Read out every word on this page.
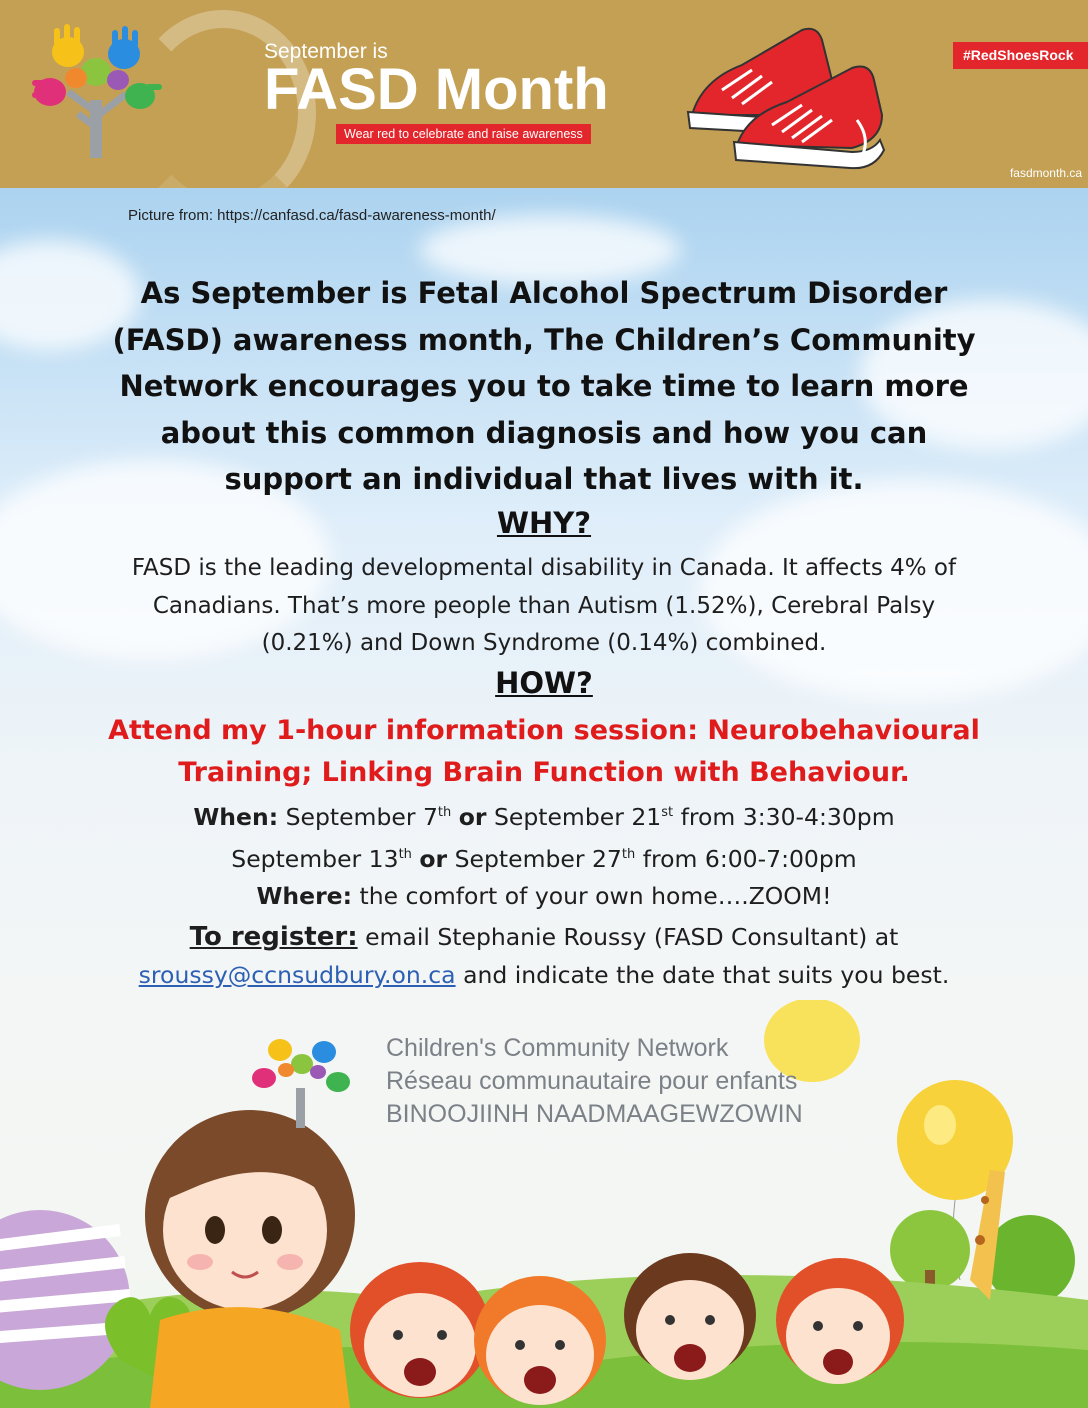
September is
FASD Month
Wear red to celebrate and raise awareness
#RedShoesRock
fasdmonth.ca
Picture from: https://canfasd.ca/fasd-awareness-month/
As September is Fetal Alcohol Spectrum Disorder (FASD) awareness month, The Children’s Community Network encourages you to take time to learn more about this common diagnosis and how you can support an individual that lives with it.
WHY?
FASD is the leading developmental disability in Canada. It affects 4% of
Canadians. That’s more people than Autism (1.52%), Cerebral Palsy
(0.21%) and Down Syndrome (0.14%) combined.
HOW?
Attend my 1-hour information session: Neurobehavioural
Training; Linking Brain Function with Behaviour.
When: September 7th or September 21st from 3:30-4:30pm
September 13th or September 27th from 6:00-7:00pm
Where: the comfort of your own home….ZOOM!
To register: email Stephanie Roussy (FASD Consultant) at
sroussy@ccnsudbury.on.ca and indicate the date that suits you best.
Children's Community Network
Réseau communautaire pour enfants
BINOOJIINH NAADMAAGEWZOWIN
